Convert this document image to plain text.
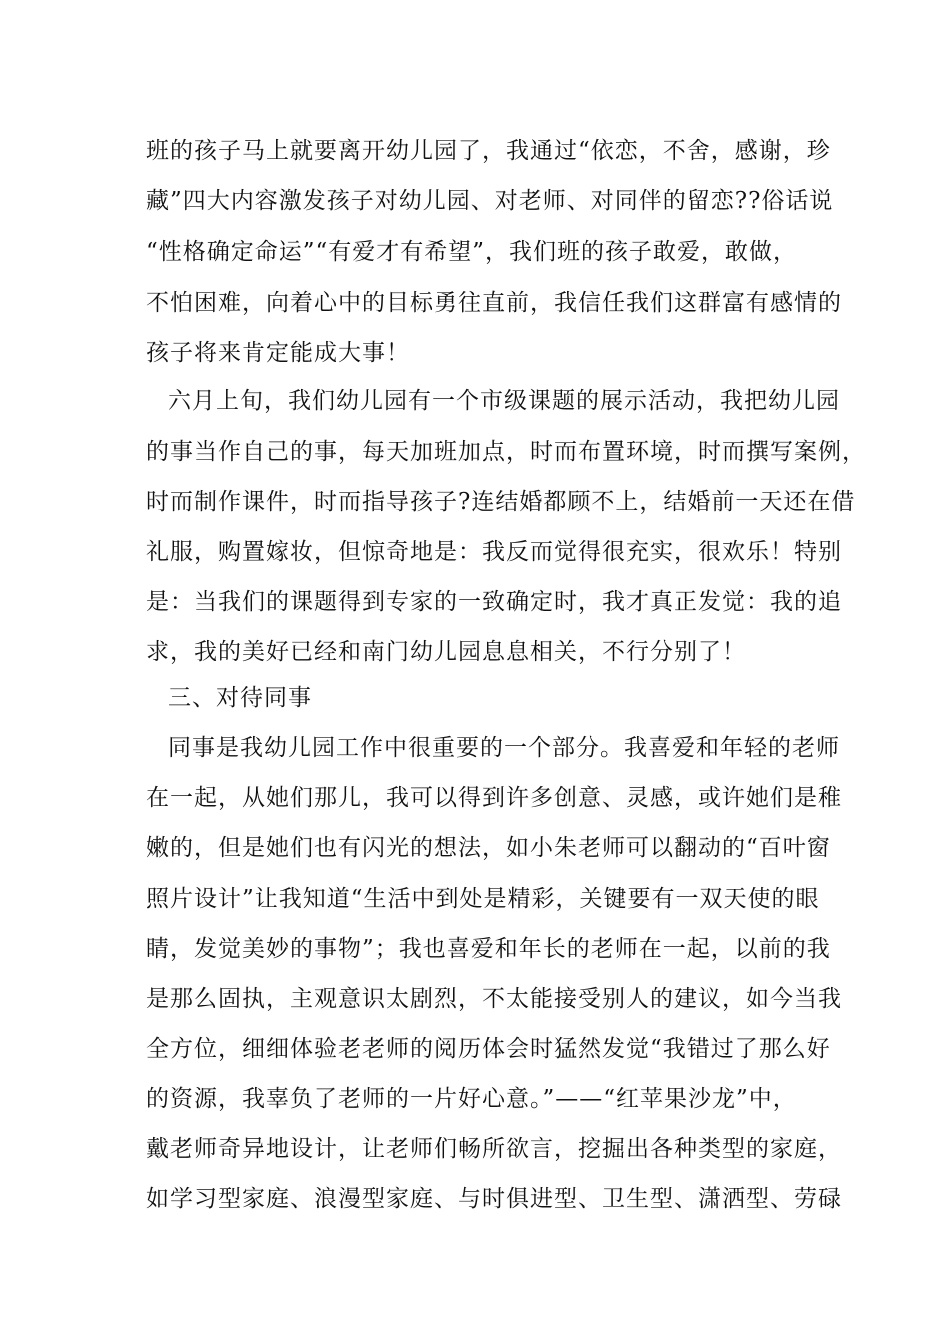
班的孩子马上就要离开幼儿园了，我通过“依恋，不舍，感谢，珍
藏”四大内容激发孩子对幼儿园、对老师、对同伴的留恋??俗话说
“性格确定命运”“有爱才有希望”，我们班的孩子敢爱，敢做，
不怕困难，向着心中的目标勇往直前，我信任我们这群富有感情的
孩子将来肯定能成大事！
六月上旬，我们幼儿园有一个市级课题的展示活动，我把幼儿园
的事当作自己的事，每天加班加点，时而布置环境，时而撰写案例，
时而制作课件，时而指导孩子?连结婚都顾不上，结婚前一天还在借
礼服，购置嫁妆，但惊奇地是：我反而觉得很充实，很欢乐！特别
是：当我们的课题得到专家的一致确定时，我才真正发觉：我的追
求，我的美好已经和南门幼儿园息息相关，不行分别了！
三、对待同事
同事是我幼儿园工作中很重要的一个部分。我喜爱和年轻的老师
在一起，从她们那儿，我可以得到许多创意、灵感，或许她们是稚
嫩的，但是她们也有闪光的想法，如小朱老师可以翻动的“百叶窗
照片设计”让我知道“生活中到处是精彩，关键要有一双天使的眼
睛，发觉美妙的事物”；我也喜爱和年长的老师在一起，以前的我
是那么固执，主观意识太剧烈，不太能接受别人的建议，如今当我
全方位，细细体验老老师的阅历体会时猛然发觉“我错过了那么好
的资源，我辜负了老师的一片好心意。”——“红苹果沙龙”中，
戴老师奇异地设计，让老师们畅所欲言，挖掘出各种类型的家庭，
如学习型家庭、浪漫型家庭、与时俱进型、卫生型、潇洒型、劳碌
